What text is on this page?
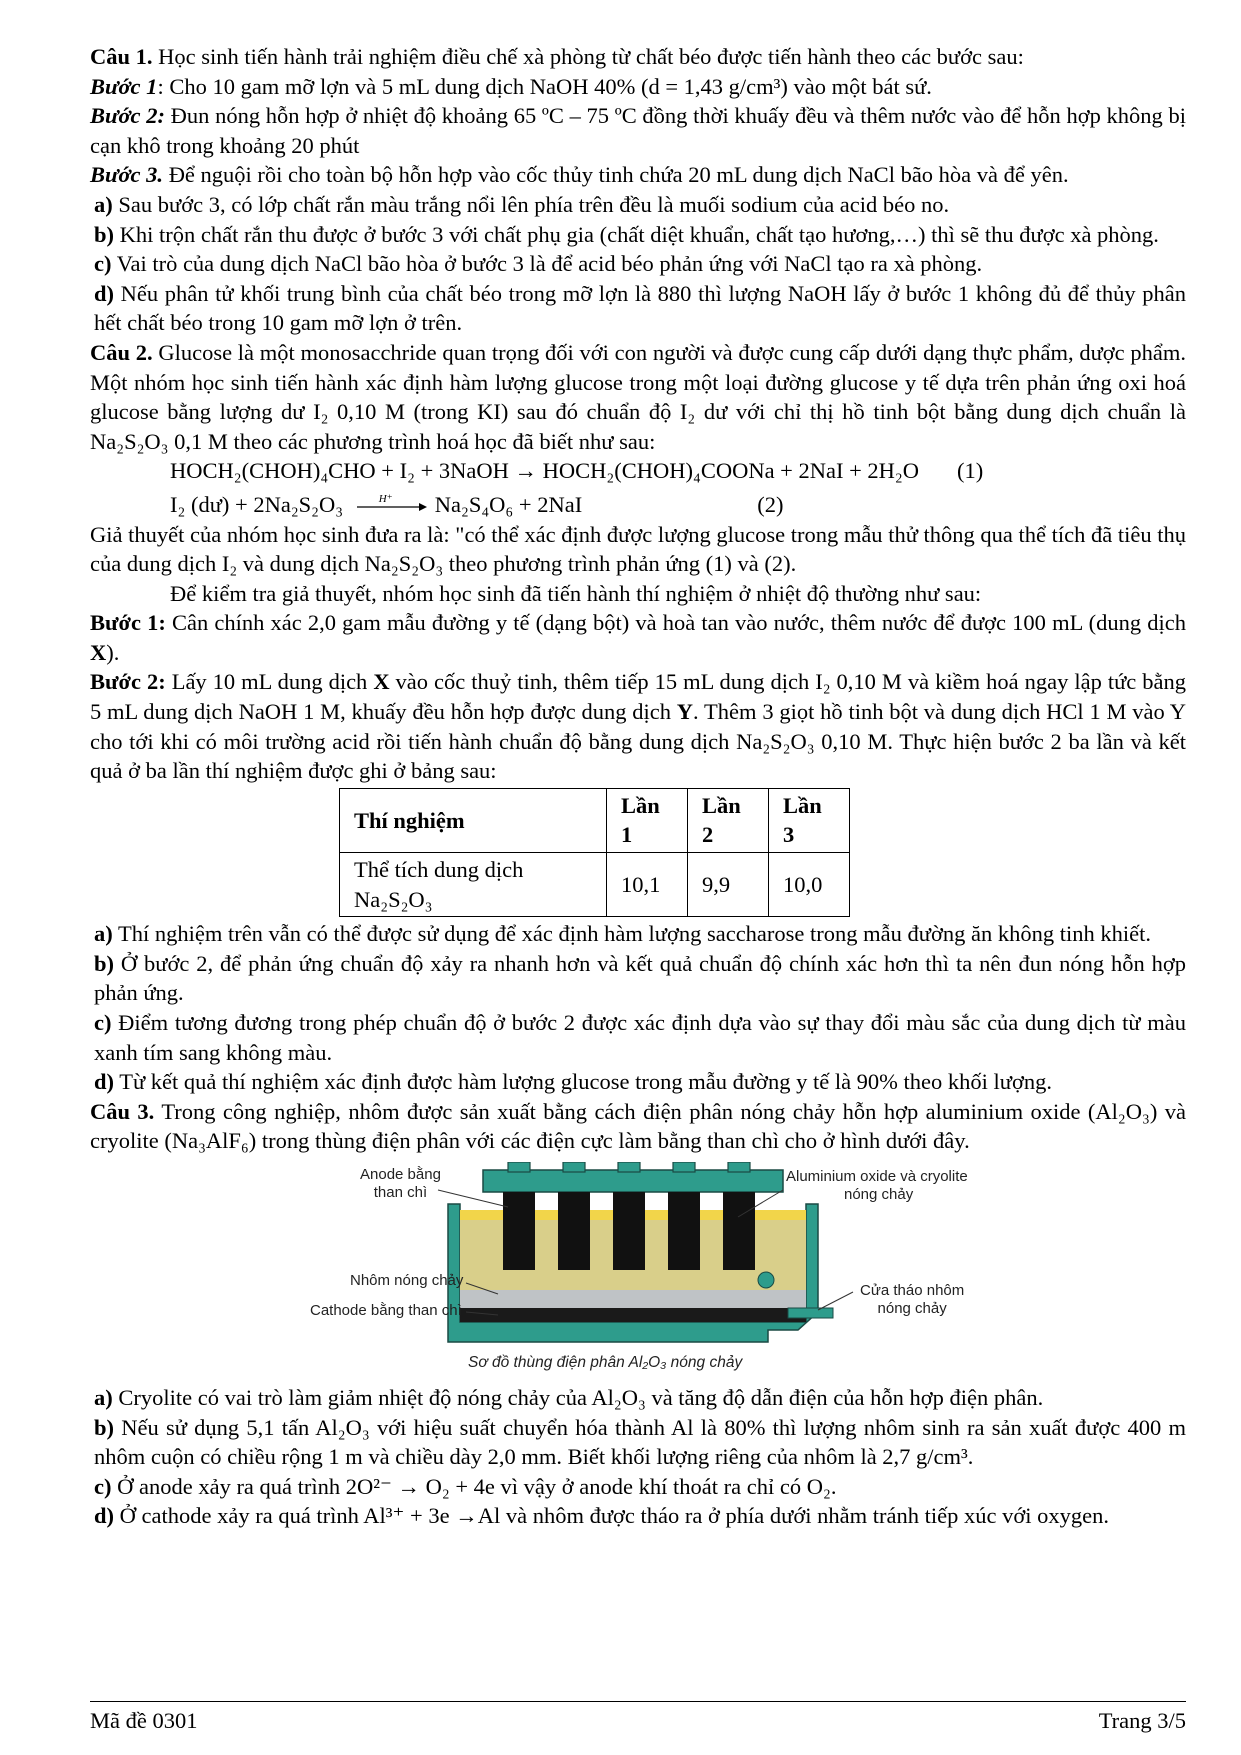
Câu 1. Học sinh tiến hành trải nghiệm điều chế xà phòng từ chất béo được tiến hành theo các bước sau:

Bước 1: Cho 10 gam mỡ lợn và 5 mL dung dịch NaOH 40% (d = 1,43 g/cm³) vào một bát sứ.

Bước 2: Đun nóng hỗn hợp ở nhiệt độ khoảng 65 ºC – 75 ºC đồng thời khuấy đều và thêm nước vào để hỗn hợp không bị cạn khô trong khoảng 20 phút

Bước 3. Để nguội rồi cho toàn bộ hỗn hợp vào cốc thủy tinh chứa 20 mL dung dịch NaCl bão hòa và để yên.

a) Sau bước 3, có lớp chất rắn màu trắng nổi lên phía trên đều là muối sodium của acid béo no.

b) Khi trộn chất rắn thu được ở bước 3 với chất phụ gia (chất diệt khuẩn, chất tạo hương,…) thì sẽ thu được xà phòng.

c) Vai trò của dung dịch NaCl bão hòa ở bước 3 là để acid béo phản ứng với NaCl tạo ra xà phòng.

d) Nếu phân tử khối trung bình của chất béo trong mỡ lợn là 880 thì lượng NaOH lấy ở bước 1 không đủ để thủy phân hết chất béo trong 10 gam mỡ lợn ở trên.

Câu 2. Glucose là một monosacchride quan trọng đối với con người và được cung cấp dưới dạng thực phẩm, dược phẩm. Một nhóm học sinh tiến hành xác định hàm lượng glucose trong một loại đường glucose y tế dựa trên phản ứng oxi hoá glucose bằng lượng dư I₂ 0,10 M (trong KI) sau đó chuẩn độ I₂ dư với chỉ thị hồ tinh bột bằng dung dịch chuẩn là Na₂S₂O₃ 0,1 M theo các phương trình hoá học đã biết như sau:

HOCH₂(CHOH)₄CHO + I₂ + 3NaOH → HOCH₂(CHOH)₄COONa + 2NaI + 2H₂O (1)

I₂ (dư) + 2Na₂S₂O₃	H⁺ Na₂S₄O₆ + 2NaI	(2)

Giả thuyết của nhóm học sinh đưa ra là: "có thể xác định được lượng glucose trong mẫu thử thông qua thể tích đã tiêu thụ của dung dịch I₂ và dung dịch Na₂S₂O₃ theo phương trình phản ứng (1) và (2).

Để kiểm tra giả thuyết, nhóm học sinh đã tiến hành thí nghiệm ở nhiệt độ thường như sau:

Bước 1: Cân chính xác 2,0 gam mẫu đường y tế (dạng bột) và hoà tan vào nước, thêm nước để được 100 mL (dung dịch X).

Bước 2: Lấy 10 mL dung dịch X vào cốc thuỷ tinh, thêm tiếp 15 mL dung dịch I₂ 0,10 M và kiềm hoá ngay lập tức bằng 5 mL dung dịch NaOH 1 M, khuấy đều hỗn hợp được dung dịch Y. Thêm 3 giọt hồ tinh bột và dung dịch HCl 1 M vào Y cho tới khi có môi trường acid rồi tiến hành chuẩn độ bằng dung dịch Na₂S₂O₃ 0,10 M. Thực hiện bước 2 ba lần và kết quả ở ba lần thí nghiệm được ghi ở bảng sau:

Thí nghiệm	Lần 1	Lần 2	Lần 3
Thể tích dung dịch Na₂S₂O₃	10,1	9,9	10,0

a) Thí nghiệm trên vẫn có thể được sử dụng để xác định hàm lượng saccharose trong mẫu đường ăn không tinh khiết.

b) Ở bước 2, để phản ứng chuẩn độ xảy ra nhanh hơn và kết quả chuẩn độ chính xác hơn thì ta nên đun nóng hỗn hợp phản ứng.

c) Điểm tương đương trong phép chuẩn độ ở bước 2 được xác định dựa vào sự thay đổi màu sắc của dung dịch từ màu xanh tím sang không màu.

d) Từ kết quả thí nghiệm xác định được hàm lượng glucose trong mẫu đường y tế là 90% theo khối lượng.

Câu 3. Trong công nghiệp, nhôm được sản xuất bằng cách điện phân nóng chảy hỗn hợp aluminium oxide (Al₂O₃) và cryolite (Na₃AlF₆) trong thùng điện phân với các điện cực làm bằng than chì cho ở hình dưới đây.

Anode bằng
than chì
Aluminium oxide và cryolite
nóng chảy
Nhôm nóng chảy
Cathode bằng than chì
Cửa tháo nhôm
nóng chảy
Sơ đồ thùng điện phân Al₂O₃ nóng chảy

a) Cryolite có vai trò làm giảm nhiệt độ nóng chảy của Al₂O₃ và tăng độ dẫn điện của hỗn hợp điện phân.

b) Nếu sử dụng 5,1 tấn Al₂O₃ với hiệu suất chuyển hóa thành Al là 80% thì lượng nhôm sinh ra sản xuất được 400 m nhôm cuộn có chiều rộng 1 m và chiều dày 2,0 mm. Biết khối lượng riêng của nhôm là 2,7 g/cm³.

c) Ở anode xảy ra quá trình 2O²⁻ → O₂ + 4e vì vậy ở anode khí thoát ra chỉ có O₂.

d) Ở cathode xảy ra quá trình Al³⁺ + 3e →Al và nhôm được tháo ra ở phía dưới nhằm tránh tiếp xúc với oxygen.

Mã đề 0301	Trang 3/5
